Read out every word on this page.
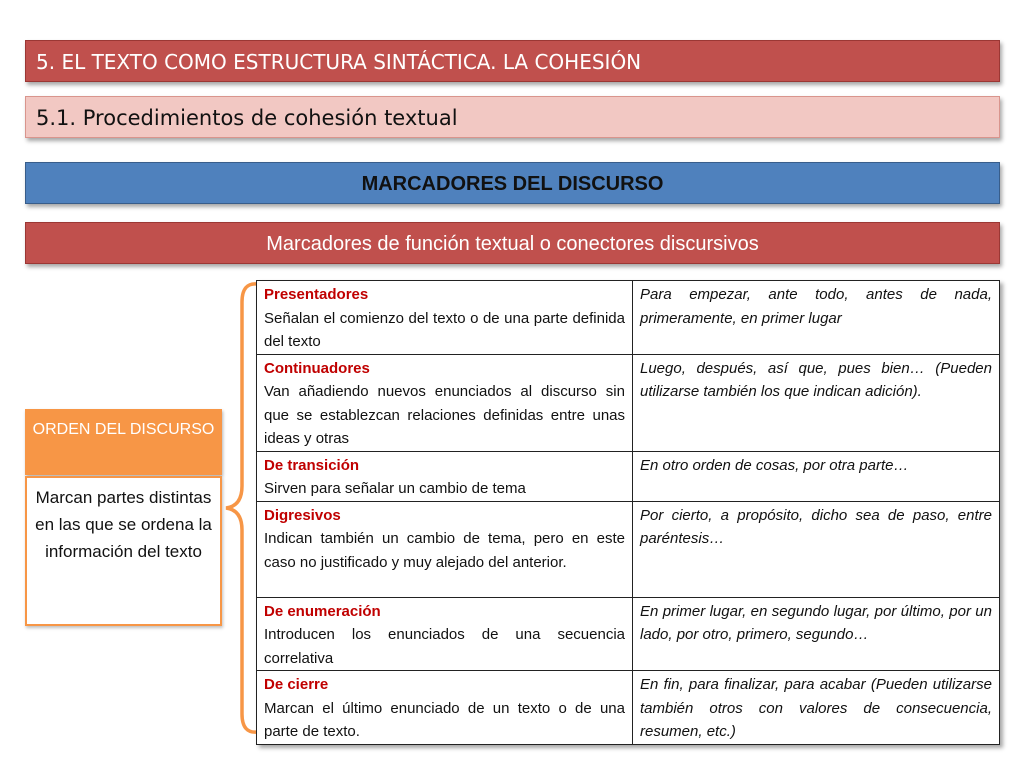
5. EL TEXTO COMO ESTRUCTURA SINTÁCTICA. LA COHESIÓN
5.1. Procedimientos de cohesión textual
MARCADORES DEL DISCURSO
Marcadores de función textual o conectores discursivos
ORDEN DEL DISCURSO
Marcan partes distintas en las que se ordena la información del texto
Presentadores
Señalan el comienzo del texto o de una parte definida del texto	Para empezar, ante todo, antes de nada, primeramente, en primer lugar

Continuadores
Van añadiendo nuevos enunciados al discurso sin que se establezcan relaciones definidas entre unas ideas y otras	Luego, después, así que, pues bien… (Pueden utilizarse también los que indican adición).

De transición
Sirven para señalar un cambio de tema	En otro orden de cosas, por otra parte…

Digresivos
Indican también un cambio de tema, pero en este caso no justificado y muy alejado del anterior.	Por cierto, a propósito, dicho sea de paso, entre paréntesis…

De enumeración
Introducen los enunciados de una secuencia correlativa	En primer lugar, en segundo lugar, por último, por un lado, por otro, primero, segundo…

De cierre
Marcan el último enunciado de un texto o de una parte de texto.	En fin, para finalizar, para acabar (Pueden utilizarse también otros con valores de consecuencia, resumen, etc.)
